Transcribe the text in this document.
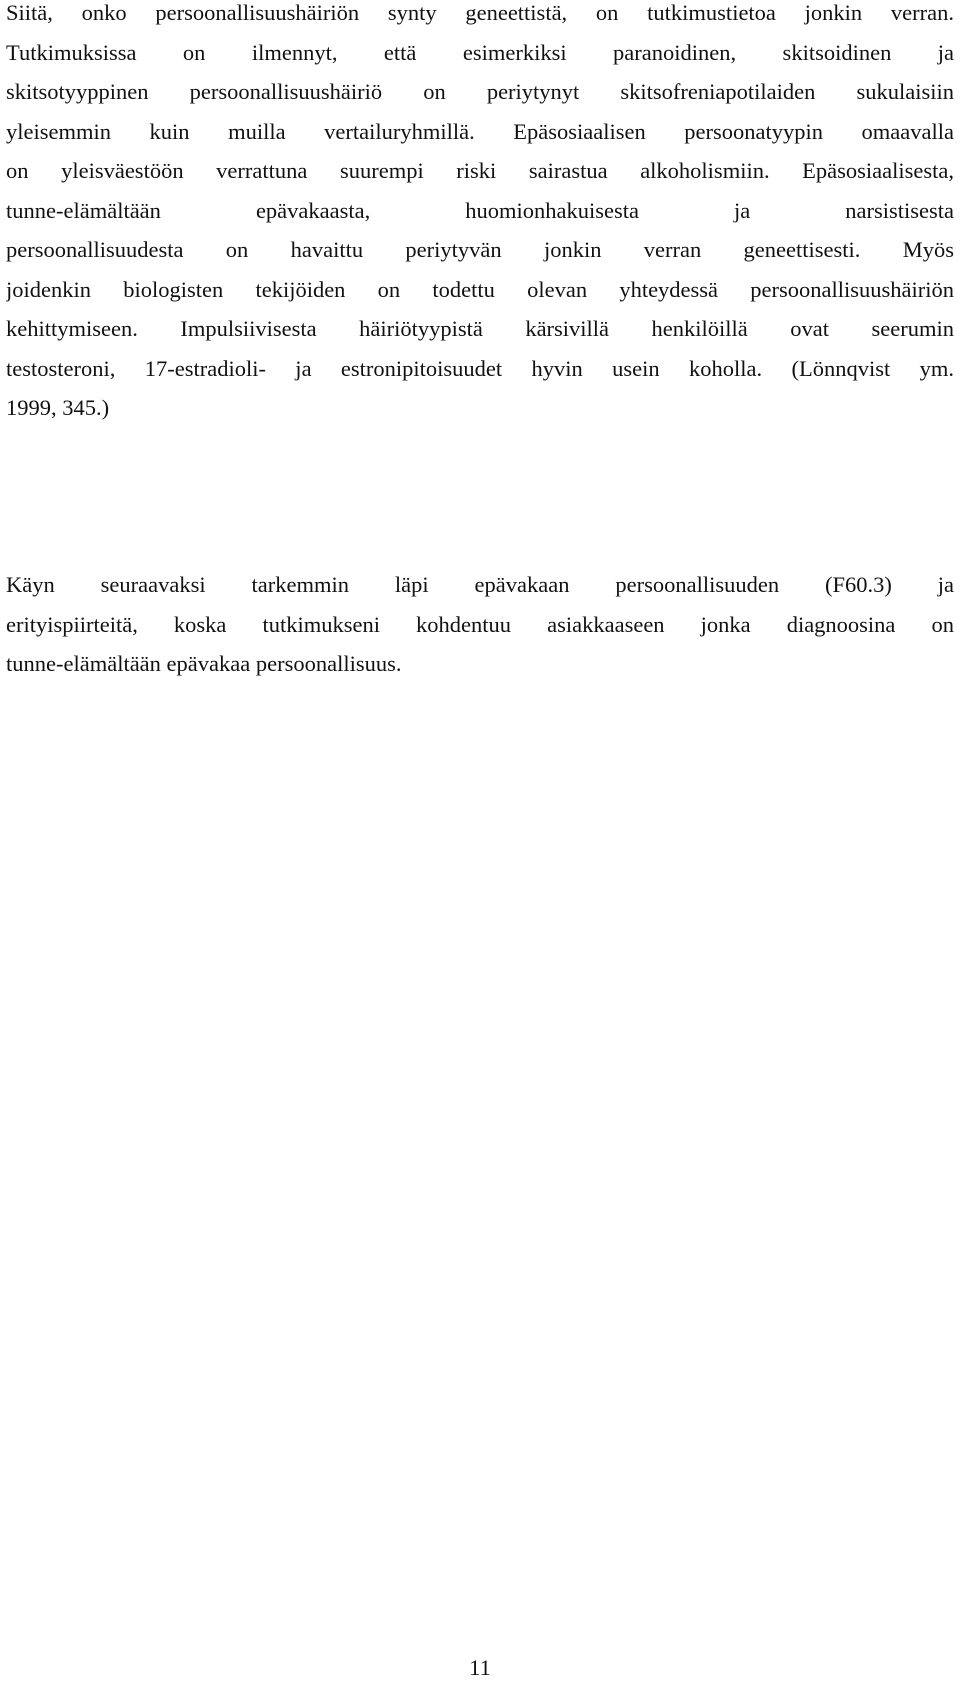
Siitä, onko persoonallisuushäiriön synty geneettistä, on tutkimustietoa jonkin verran.
Tutkimuksissa on ilmennyt, että esimerkiksi paranoidinen, skitsoidinen ja
skitsotyyppinen persoonallisuushäiriö on periytynyt skitsofreniapotilaiden sukulaisiin
yleisemmin kuin muilla vertailuryhmillä. Epäsosiaalisen persoonatyypin omaavalla
on yleisväestöön verrattuna suurempi riski sairastua alkoholismiin. Epäsosiaalisesta,
tunne-elämältään epävakaasta, huomionhakuisesta ja narsistisesta
persoonallisuudesta on havaittu periytyvän jonkin verran geneettisesti. Myös
joidenkin biologisten tekijöiden on todettu olevan yhteydessä persoonallisuushäiriön
kehittymiseen. Impulsiivisesta häiriötyypistä kärsivillä henkilöillä ovat seerumin
testosteroni, 17-estradioli- ja estronipitoisuudet hyvin usein koholla. (Lönnqvist ym.
1999, 345.)
Käyn seuraavaksi tarkemmin läpi epävakaan persoonallisuuden (F60.3) ja
erityispiirteitä, koska tutkimukseni kohdentuu asiakkaaseen jonka diagnoosina on
tunne-elämältään epävakaa persoonallisuus.
11
